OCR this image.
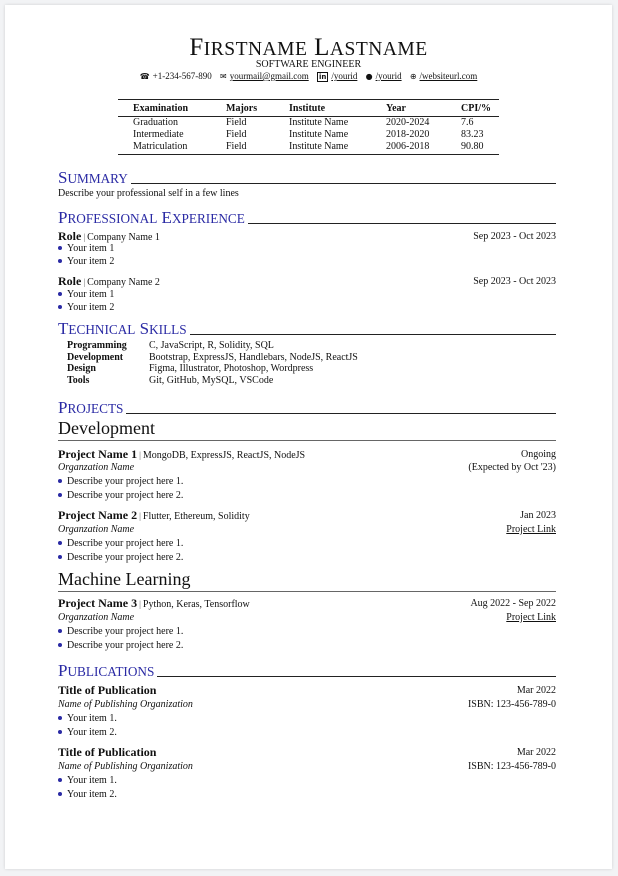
FIRSTNAME LASTNAME
SOFTWARE ENGINEER
☎ +1-234-567-890 ✉ yourmail@gmail.com in /yourid ● /yourid ⊕ /websiteurl.com
Examination	Majors	Institute	Year	CPI/%
Graduation	Field	Institute Name	2020-2024	7.6
Intermediate	Field	Institute Name	2018-2020	83.23
Matriculation	Field	Institute Name	2006-2018	90.80
SUMMARY
Describe your professional self in a few lines
PROFESSIONAL EXPERIENCE
Role | Company Name 1	Sep 2023 - Oct 2023
Your item 1
Your item 2
Role | Company Name 2	Sep 2023 - Oct 2023
Your item 1
Your item 2
TECHNICAL SKILLS
Programming	C, JavaScript, R, Solidity, SQL
Development	Bootstrap, ExpressJS, Handlebars, NodeJS, ReactJS
Design	Figma, Illustrator, Photoshop, Wordpress
Tools	Git, GitHub, MySQL, VSCode
PROJECTS
Development
Project Name 1 | MongoDB, ExpressJS, ReactJS, NodeJS	Ongoing
Organzation Name	(Expected by Oct '23)
Describe your project here 1.
Describe your project here 2.
Project Name 2 | Flutter, Ethereum, Solidity	Jan 2023
Organzation Name	Project Link
Describe your project here 1.
Describe your project here 2.
Machine Learning
Project Name 3 | Python, Keras, Tensorflow	Aug 2022 - Sep 2022
Organzation Name	Project Link
Describe your project here 1.
Describe your project here 2.
PUBLICATIONS
Title of Publication	Mar 2022
Name of Publishing Organization	ISBN: 123-456-789-0
Your item 1.
Your item 2.
Title of Publication	Mar 2022
Name of Publishing Organization	ISBN: 123-456-789-0
Your item 1.
Your item 2.
